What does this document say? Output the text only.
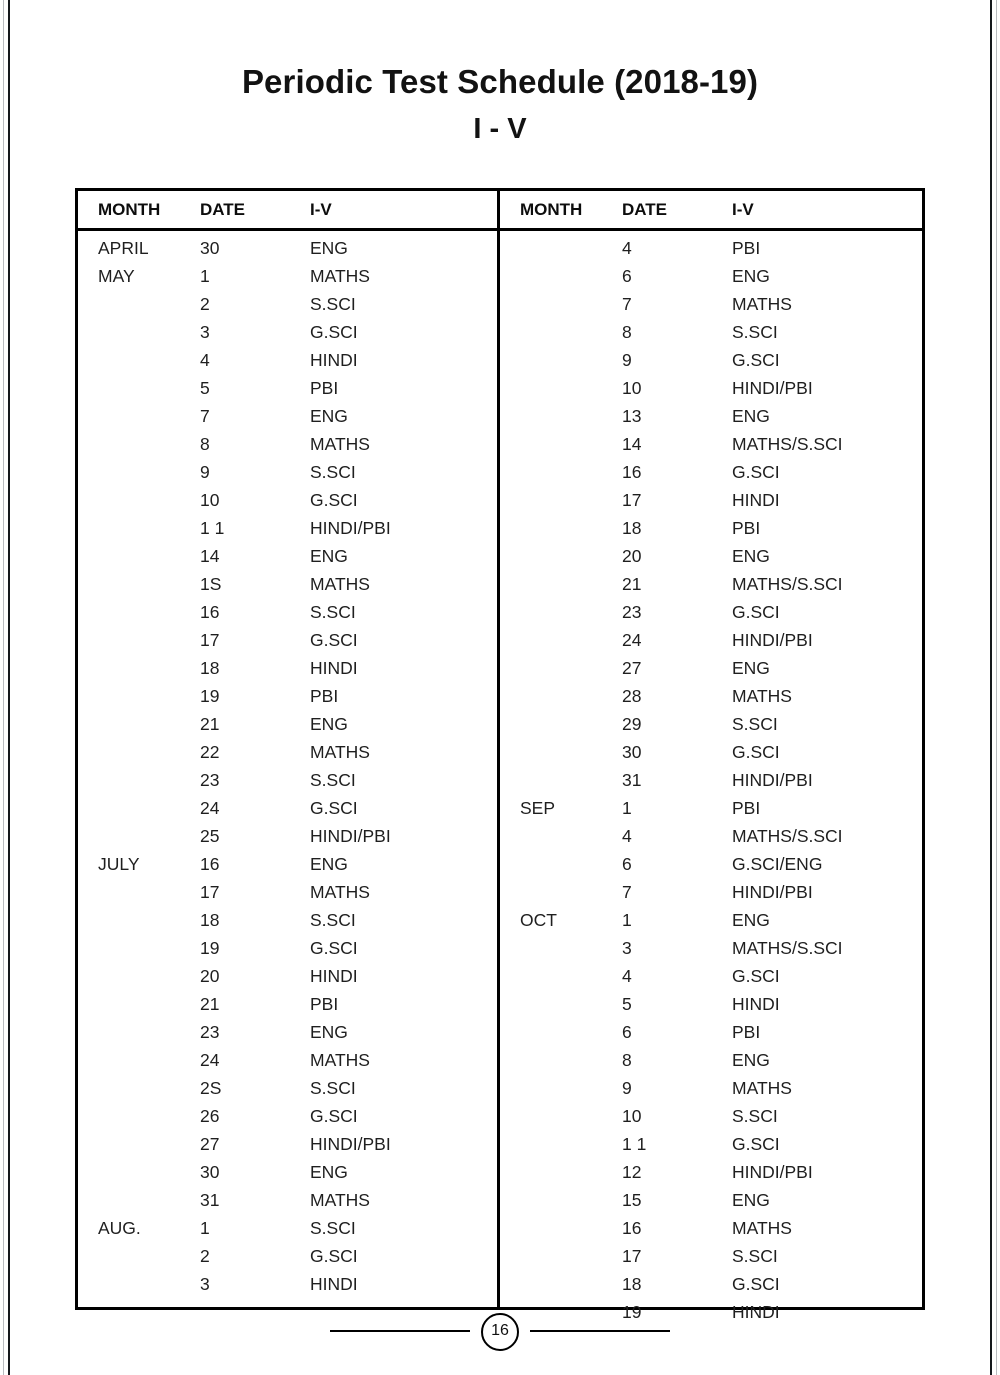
Periodic Test Schedule (2018-19)
I - V
MONTH	DATE	I-V	MONTH	DATE	I-V
APRIL	30	ENG
MAY	1	MATHS
2	S.SCI
3	G.SCI
4	HINDI
5	PBI
7	ENG
8	MATHS
9	S.SCI
10	G.SCI
1 1	HINDI/PBI
14	ENG
1S	MATHS
16	S.SCI
17	G.SCI
18	HINDI
19	PBI
21	ENG
22	MATHS
23	S.SCI
24	G.SCI
25	HINDI/PBI
JULY	16	ENG
17	MATHS
18	S.SCI
19	G.SCI
20	HINDI
21	PBI
23	ENG
24	MATHS
2S	S.SCI
26	G.SCI
27	HINDI/PBI
30	ENG
31	MATHS
AUG.	1	S.SCI
2	G.SCI
3	HINDI
4	PBI
6	ENG
7	MATHS
8	S.SCI
9	G.SCI
10	HINDI/PBI
13	ENG
14	MATHS/S.SCI
16	G.SCI
17	HINDI
18	PBI
20	ENG
21	MATHS/S.SCI
23	G.SCI
24	HINDI/PBI
27	ENG
28	MATHS
29	S.SCI
30	G.SCI
31	HINDI/PBI
SEP	1	PBI
4	MATHS/S.SCI
6	G.SCI/ENG
7	HINDI/PBI
OCT	1	ENG
3	MATHS/S.SCI
4	G.SCI
5	HINDI
6	PBI
8	ENG
9	MATHS
10	S.SCI
1 1	G.SCI
12	HINDI/PBI
15	ENG
16	MATHS
17	S.SCI
18	G.SCI
19	HINDI
16
